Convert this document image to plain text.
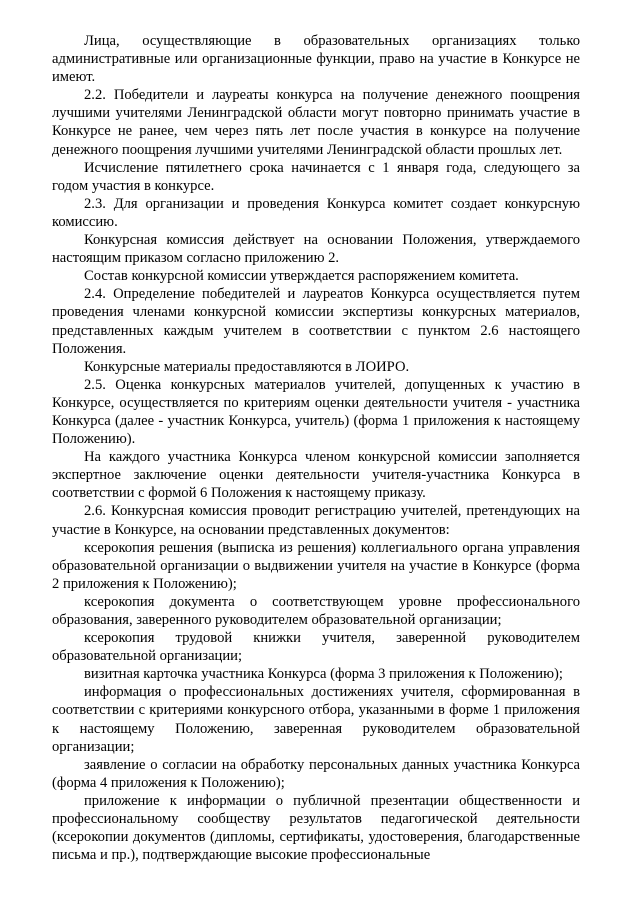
Лица, осуществляющие в образовательных организациях только административные или организационные функции, право на участие в Конкурсе не имеют.

2.2. Победители и лауреаты конкурса на получение денежного поощрения лучшими учителями Ленинградской области могут повторно принимать участие в Конкурсе не ранее, чем через пять лет после участия в конкурсе на получение денежного поощрения лучшими учителями Ленинградской области прошлых лет.

Исчисление пятилетнего срока начинается с 1 января года, следующего за годом участия в конкурсе.

2.3. Для организации и проведения Конкурса комитет создает конкурсную комиссию.

Конкурсная комиссия действует на основании Положения, утверждаемого настоящим приказом согласно приложению 2.

Состав конкурсной комиссии утверждается распоряжением комитета.

2.4. Определение победителей и лауреатов Конкурса осуществляется путем проведения членами конкурсной комиссии экспертизы конкурсных материалов, представленных каждым учителем в соответствии с пунктом 2.6 настоящего Положения.

Конкурсные материалы предоставляются в ЛОИРО.

2.5. Оценка конкурсных материалов учителей, допущенных к участию в Конкурсе, осуществляется по критериям оценки деятельности учителя - участника Конкурса (далее - участник Конкурса, учитель) (форма 1 приложения к настоящему Положению).

На каждого участника Конкурса членом конкурсной комиссии заполняется экспертное заключение оценки деятельности учителя-участника Конкурса в соответствии с формой 6 Положения к настоящему приказу.

2.6. Конкурсная комиссия проводит регистрацию учителей, претендующих на участие в Конкурсе, на основании представленных документов:

ксерокопия решения (выписка из решения) коллегиального органа управления образовательной организации о выдвижении учителя на участие в Конкурсе (форма 2 приложения к Положению);

ксерокопия документа о соответствующем уровне профессионального образования, заверенного руководителем образовательной организации;

ксерокопия трудовой книжки учителя, заверенной руководителем образовательной организации;

визитная карточка участника Конкурса (форма 3 приложения к Положению);

информация о профессиональных достижениях учителя, сформированная в соответствии с критериями конкурсного отбора, указанными в форме 1 приложения к настоящему Положению, заверенная руководителем образовательной организации;

заявление о согласии на обработку персональных данных участника Конкурса (форма 4 приложения к Положению);

приложение к информации о публичной презентации общественности и профессиональному сообществу результатов педагогической деятельности (ксерокопии документов (дипломы, сертификаты, удостоверения, благодарственные письма и пр.), подтверждающие высокие профессиональные
